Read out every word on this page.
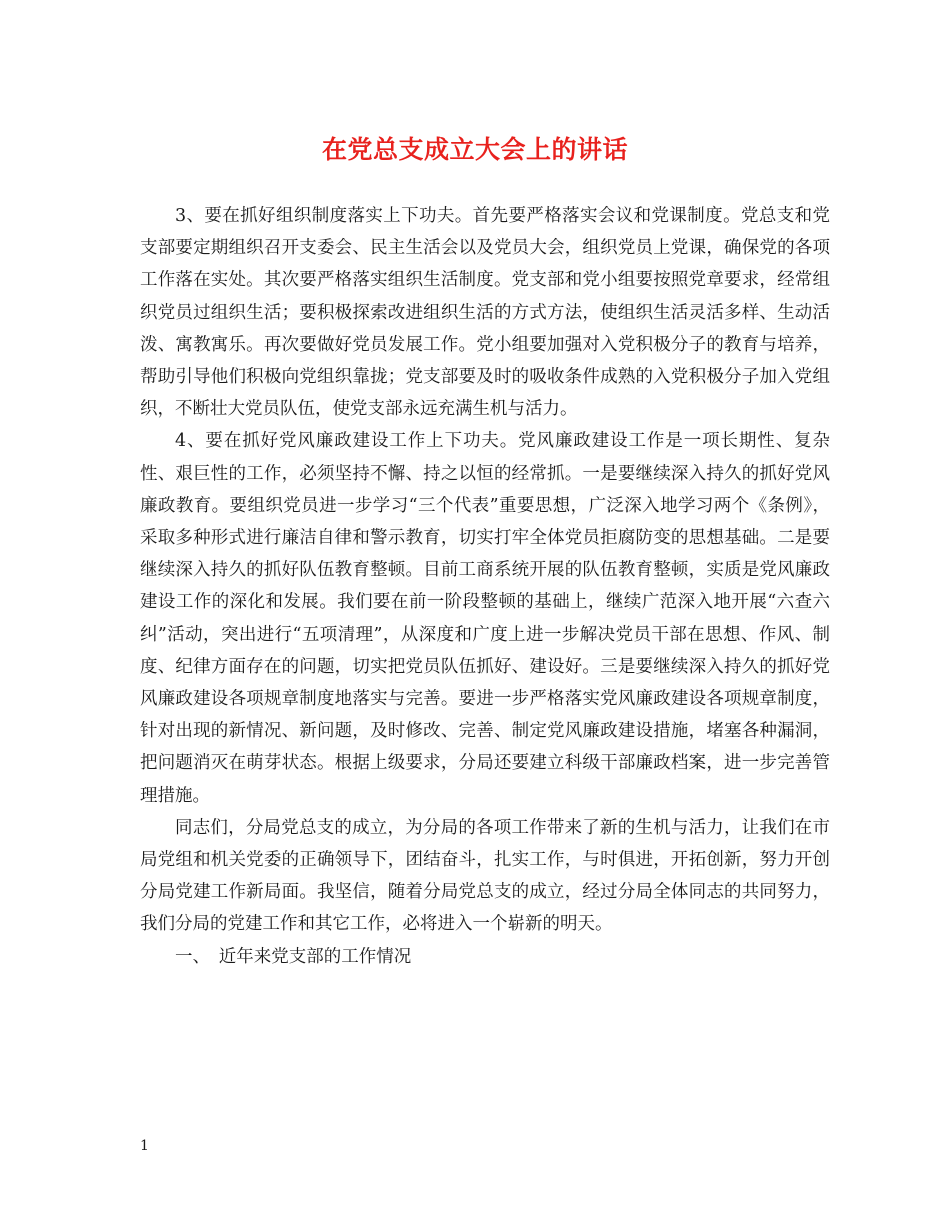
在党总支成立大会上的讲话

3、要在抓好组织制度落实上下功夫。首先要严格落实会议和党课制度。党总支和党支部要定期组织召开支委会、民主生活会以及党员大会，组织党员上党课，确保党的各项工作落在实处。其次要严格落实组织生活制度。党支部和党小组要按照党章要求，经常组织党员过组织生活；要积极探索改进组织生活的方式方法，使组织生活灵活多样、生动活泼、寓教寓乐。再次要做好党员发展工作。党小组要加强对入党积极分子的教育与培养，帮助引导他们积极向党组织靠拢；党支部要及时的吸收条件成熟的入党积极分子加入党组织，不断壮大党员队伍，使党支部永远充满生机与活力。

4、要在抓好党风廉政建设工作上下功夫。党风廉政建设工作是一项长期性、复杂性、艰巨性的工作，必须坚持不懈、持之以恒的经常抓。一是要继续深入持久的抓好党风廉政教育。要组织党员进一步学习“三个代表”重要思想，广泛深入地学习两个《条例》，采取多种形式进行廉洁自律和警示教育，切实打牢全体党员拒腐防变的思想基础。二是要继续深入持久的抓好队伍教育整顿。目前工商系统开展的队伍教育整顿，实质是党风廉政建设工作的深化和发展。我们要在前一阶段整顿的基础上，继续广范深入地开展“六查六纠”活动，突出进行“五项清理”，从深度和广度上进一步解决党员干部在思想、作风、制度、纪律方面存在的问题，切实把党员队伍抓好、建设好。三是要继续深入持久的抓好党风廉政建设各项规章制度地落实与完善。要进一步严格落实党风廉政建设各项规章制度，针对出现的新情况、新问题，及时修改、完善、制定党风廉政建设措施，堵塞各种漏洞，把问题消灭在萌芽状态。根据上级要求，分局还要建立科级干部廉政档案，进一步完善管理措施。

同志们，分局党总支的成立，为分局的各项工作带来了新的生机与活力，让我们在市局党组和机关党委的正确领导下，团结奋斗，扎实工作，与时俱进，开拓创新，努力开创分局党建工作新局面。我坚信，随着分局党总支的成立，经过分局全体同志的共同努力，我们分局的党建工作和其它工作，必将进入一个崭新的明天。

一、　近年来党支部的工作情况

1
